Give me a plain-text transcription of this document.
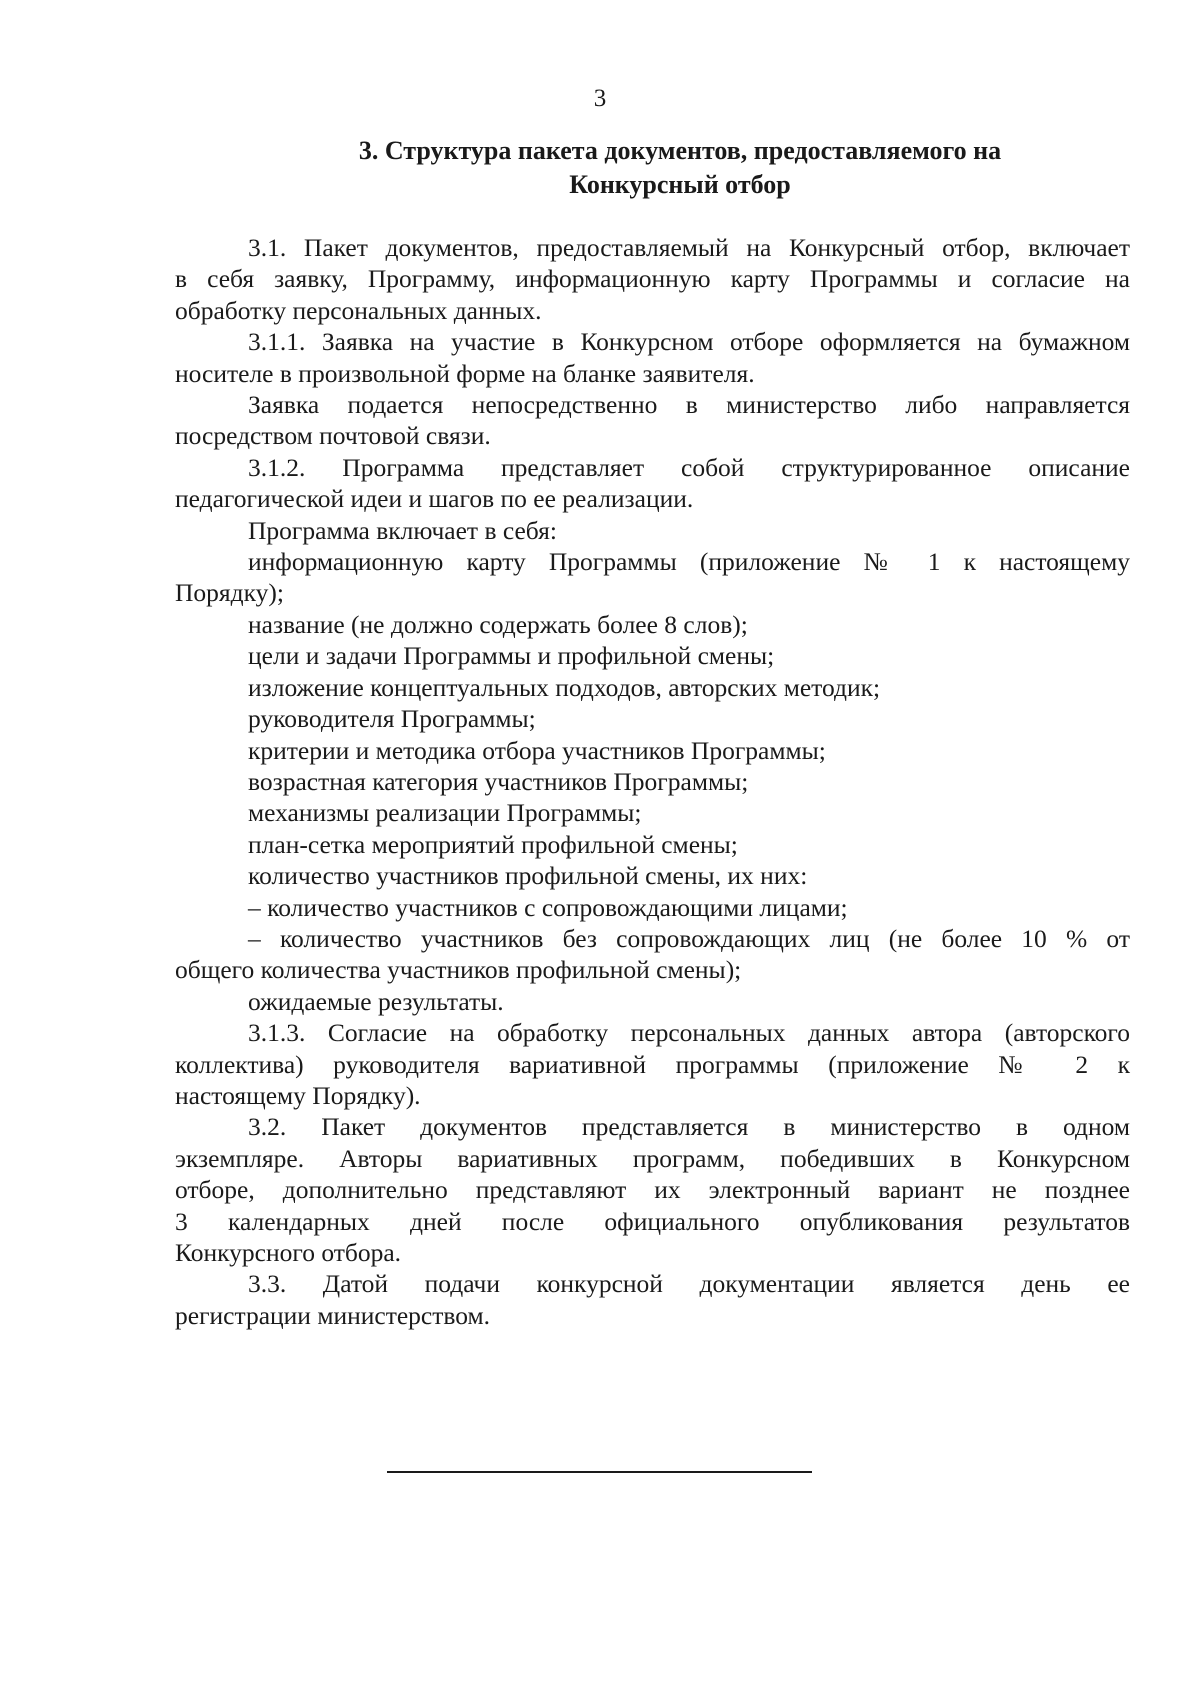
3
3. Структура пакета документов, предоставляемого на
Конкурсный отбор
3.1. Пакет документов, предоставляемый на Конкурсный отбор, включает
в себя заявку, Программу, информационную карту Программы и согласие на
обработку персональных данных.
3.1.1. Заявка на участие в Конкурсном отборе оформляется на бумажном
носителе в произвольной форме на бланке заявителя.
Заявка подается непосредственно в министерство либо направляется
посредством почтовой связи.
3.1.2. Программа представляет собой структурированное описание
педагогической идеи и шагов по ее реализации.
Программа включает в себя:
информационную карту Программы (приложение № 1 к настоящему
Порядку);
название (не должно содержать более 8 слов);
цели и задачи Программы и профильной смены;
изложение концептуальных подходов, авторских методик;
руководителя Программы;
критерии и методика отбора участников Программы;
возрастная категория участников Программы;
механизмы реализации Программы;
план-сетка мероприятий профильной смены;
количество участников профильной смены, их них:
– количество участников с сопровождающими лицами;
– количество участников без сопровождающих лиц (не более 10 % от
общего количества участников профильной смены);
ожидаемые результаты.
3.1.3. Согласие на обработку персональных данных автора (авторского
коллектива) руководителя вариативной программы (приложение № 2 к
настоящему Порядку).
3.2. Пакет документов представляется в министерство в одном
экземпляре. Авторы вариативных программ, победивших в Конкурсном
отборе, дополнительно представляют их электронный вариант не позднее
3 календарных дней после официального опубликования результатов
Конкурсного отбора.
3.3. Датой подачи конкурсной документации является день ее
регистрации министерством.
